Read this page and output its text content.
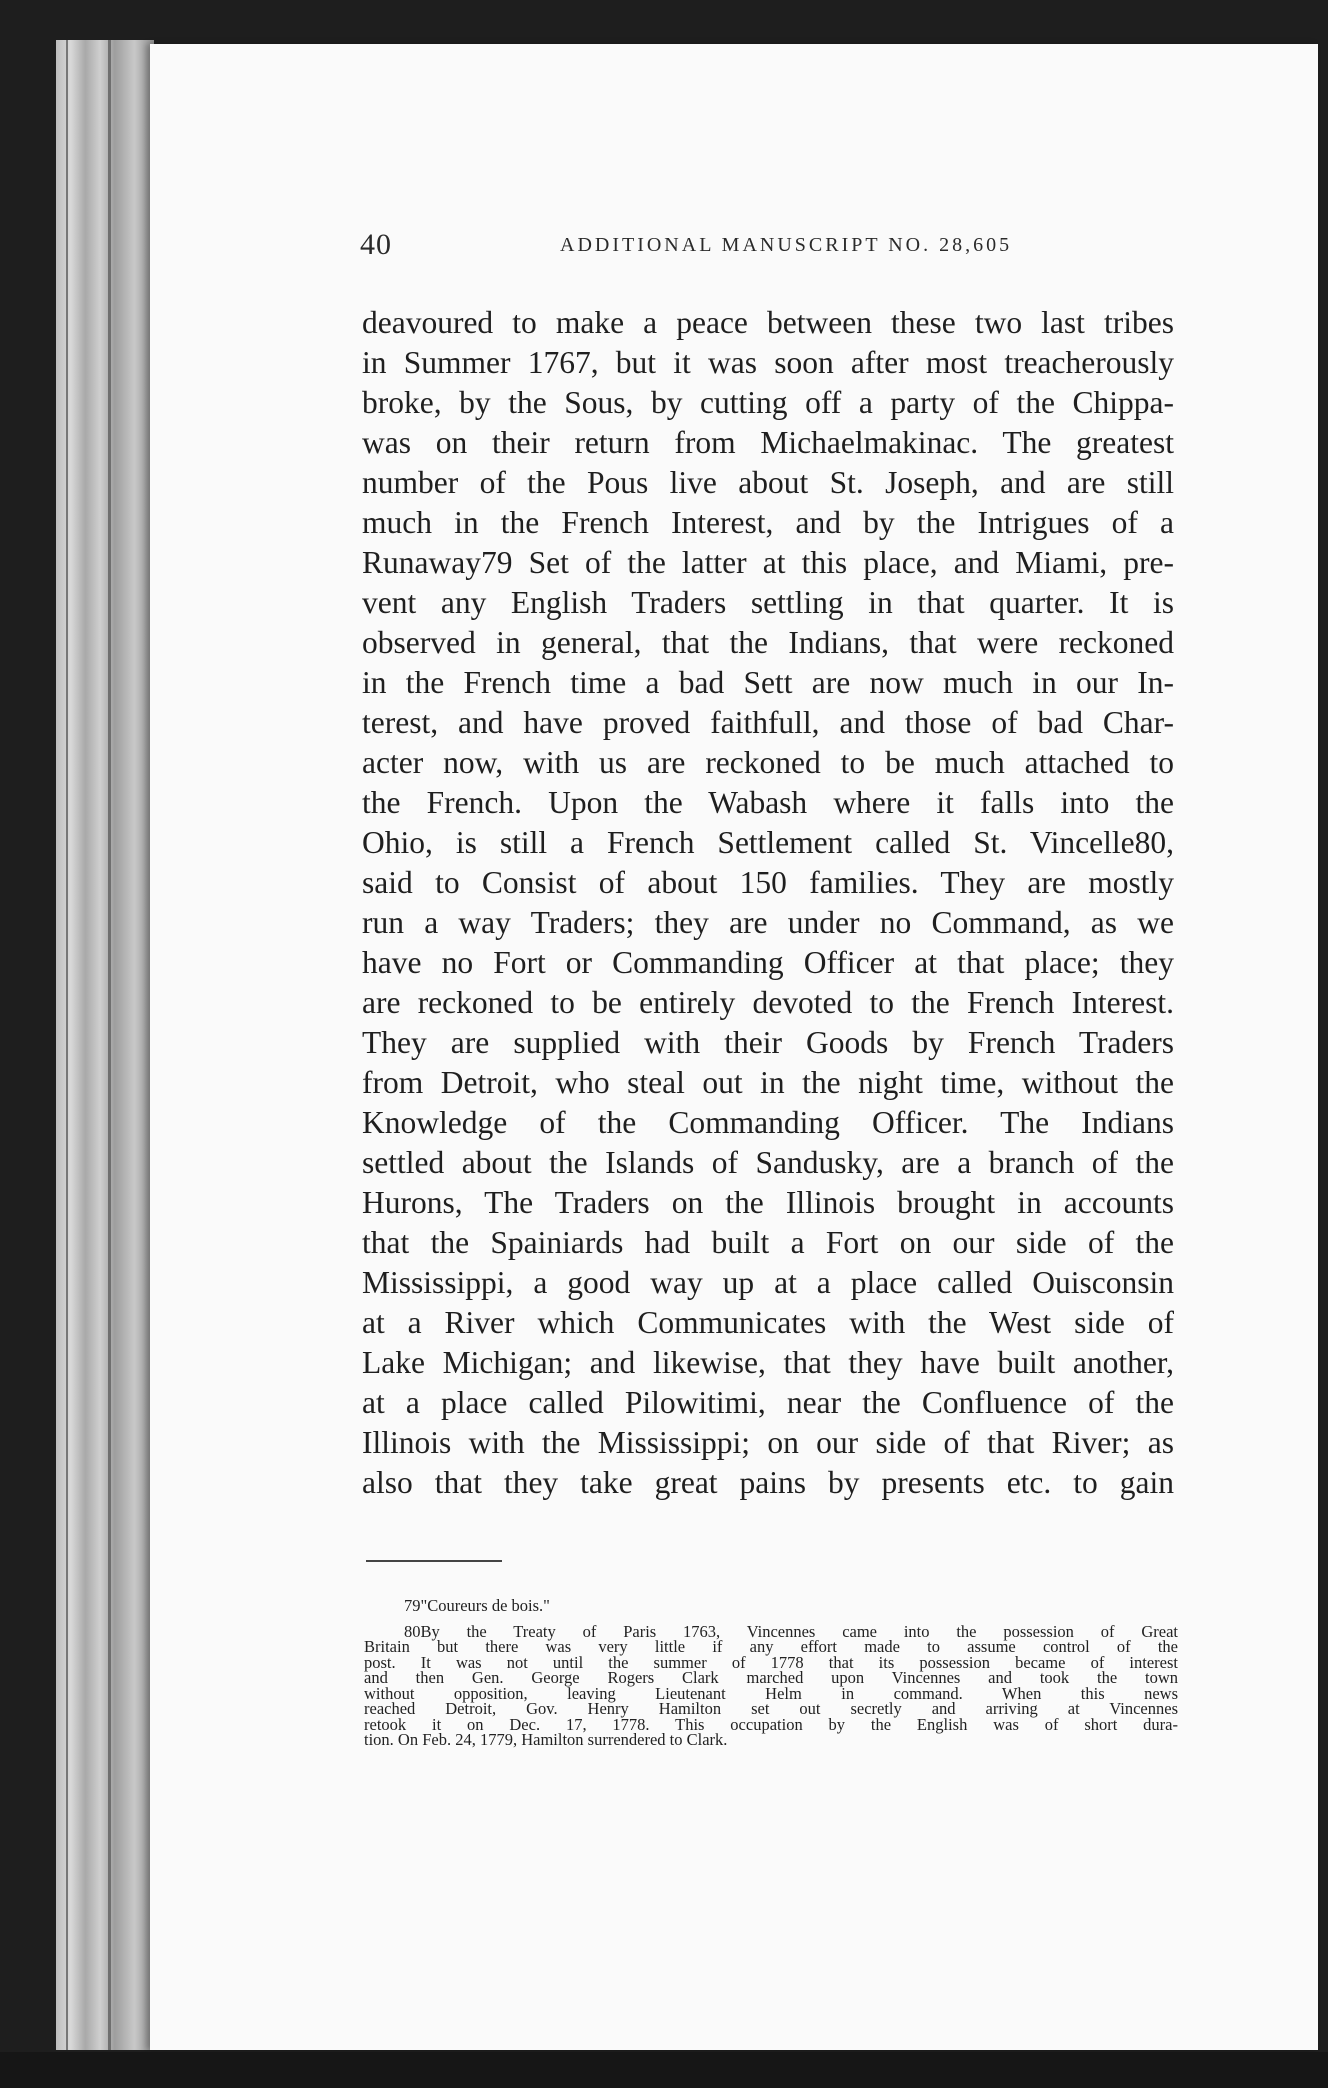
40	ADDITIONAL MANUSCRIPT NO. 28,605
deavoured to make a peace between these two last tribes
in Summer 1767, but it was soon after most treacherously
broke, by the Sous, by cutting off a party of the Chippa-
was on their return from Michaelmakinac. The greatest
number of the Pous live about St. Joseph, and are still
much in the French Interest, and by the Intrigues of a
Runaway79 Set of the latter at this place, and Miami, pre-
vent any English Traders settling in that quarter. It is
observed in general, that the Indians, that were reckoned
in the French time a bad Sett are now much in our In-
terest, and have proved faithfull, and those of bad Char-
acter now, with us are reckoned to be much attached to
the French. Upon the Wabash where it falls into the
Ohio, is still a French Settlement called St. Vincelle80,
said to Consist of about 150 families. They are mostly
run a way Traders; they are under no Command, as we
have no Fort or Commanding Officer at that place; they
are reckoned to be entirely devoted to the French Interest.
They are supplied with their Goods by French Traders
from Detroit, who steal out in the night time, without the
Knowledge of the Commanding Officer. The Indians
settled about the Islands of Sandusky, are a branch of the
Hurons, The Traders on the Illinois brought in accounts
that the Spainiards had built a Fort on our side of the
Mississippi, a good way up at a place called Ouisconsin
at a River which Communicates with the West side of
Lake Michigan; and likewise, that they have built another,
at a place called Pilowitimi, near the Confluence of the
Illinois with the Mississippi; on our side of that River; as
also that they take great pains by presents etc. to gain
79"Coureurs de bois."
80By the Treaty of Paris 1763, Vincennes came into the possession of Great
Britain but there was very little if any effort made to assume control of the
post. It was not until the summer of 1778 that its possession became of interest
and then Gen. George Rogers Clark marched upon Vincennes and took the town
without opposition, leaving Lieutenant Helm in command. When this news
reached Detroit, Gov. Henry Hamilton set out secretly and arriving at Vincennes
retook it on Dec. 17, 1778. This occupation by the English was of short dura-
tion. On Feb. 24, 1779, Hamilton surrendered to Clark.
